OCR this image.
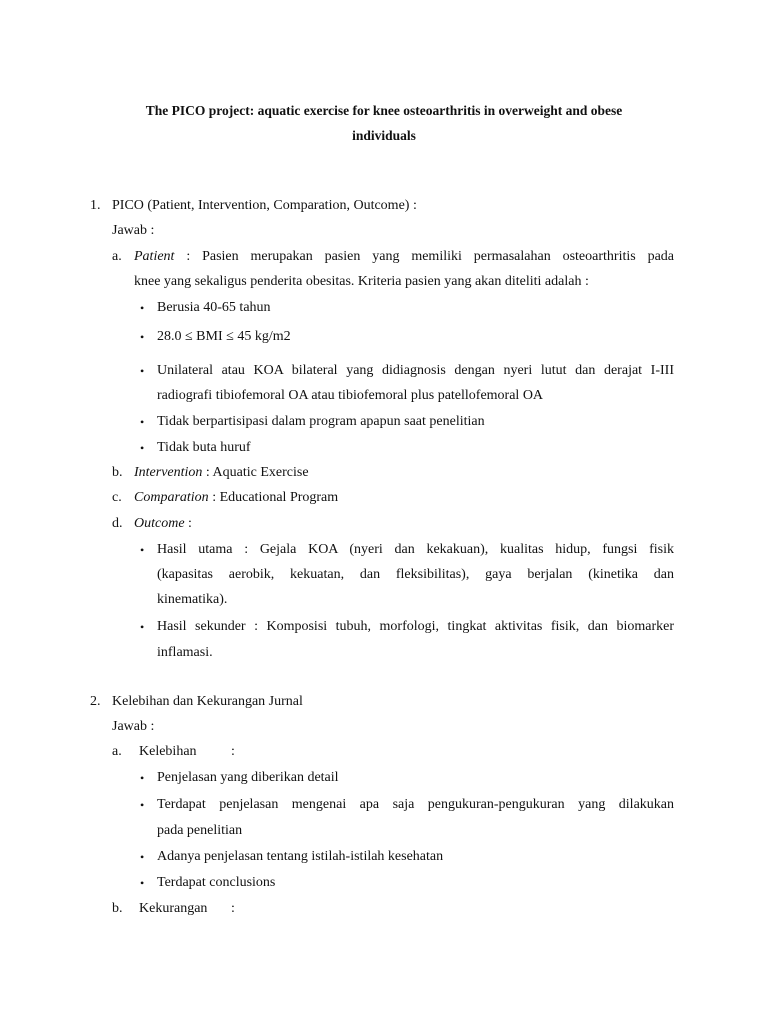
The PICO project: aquatic exercise for knee osteoarthritis in overweight and obese
individuals
1. PICO (Patient, Intervention, Comparation, Outcome) :
Jawab :
a. Patient : Pasien merupakan pasien yang memiliki permasalahan osteoarthritis pada
knee yang sekaligus penderita obesitas. Kriteria pasien yang akan diteliti adalah :
• Berusia 40-65 tahun
• 28.0 ≤ BMI ≤ 45 kg/m2
• Unilateral atau KOA bilateral yang didiagnosis dengan nyeri lutut dan derajat I-III
radiografi tibiofemoral OA atau tibiofemoral plus patellofemoral OA
• Tidak berpartisipasi dalam program apapun saat penelitian
• Tidak buta huruf
b. Intervention : Aquatic Exercise
c. Comparation : Educational Program
d. Outcome :
• Hasil utama : Gejala KOA (nyeri dan kekakuan), kualitas hidup, fungsi fisik
(kapasitas aerobik, kekuatan, dan fleksibilitas), gaya berjalan (kinetika dan
kinematika).
• Hasil sekunder : Komposisi tubuh, morfologi, tingkat aktivitas fisik, dan biomarker
inflamasi.
2. Kelebihan dan Kekurangan Jurnal
Jawab :
a. Kelebihan :
• Penjelasan yang diberikan detail
• Terdapat penjelasan mengenai apa saja pengukuran-pengukuran yang dilakukan
pada penelitian
• Adanya penjelasan tentang istilah-istilah kesehatan
• Terdapat conclusions
b. Kekurangan :
